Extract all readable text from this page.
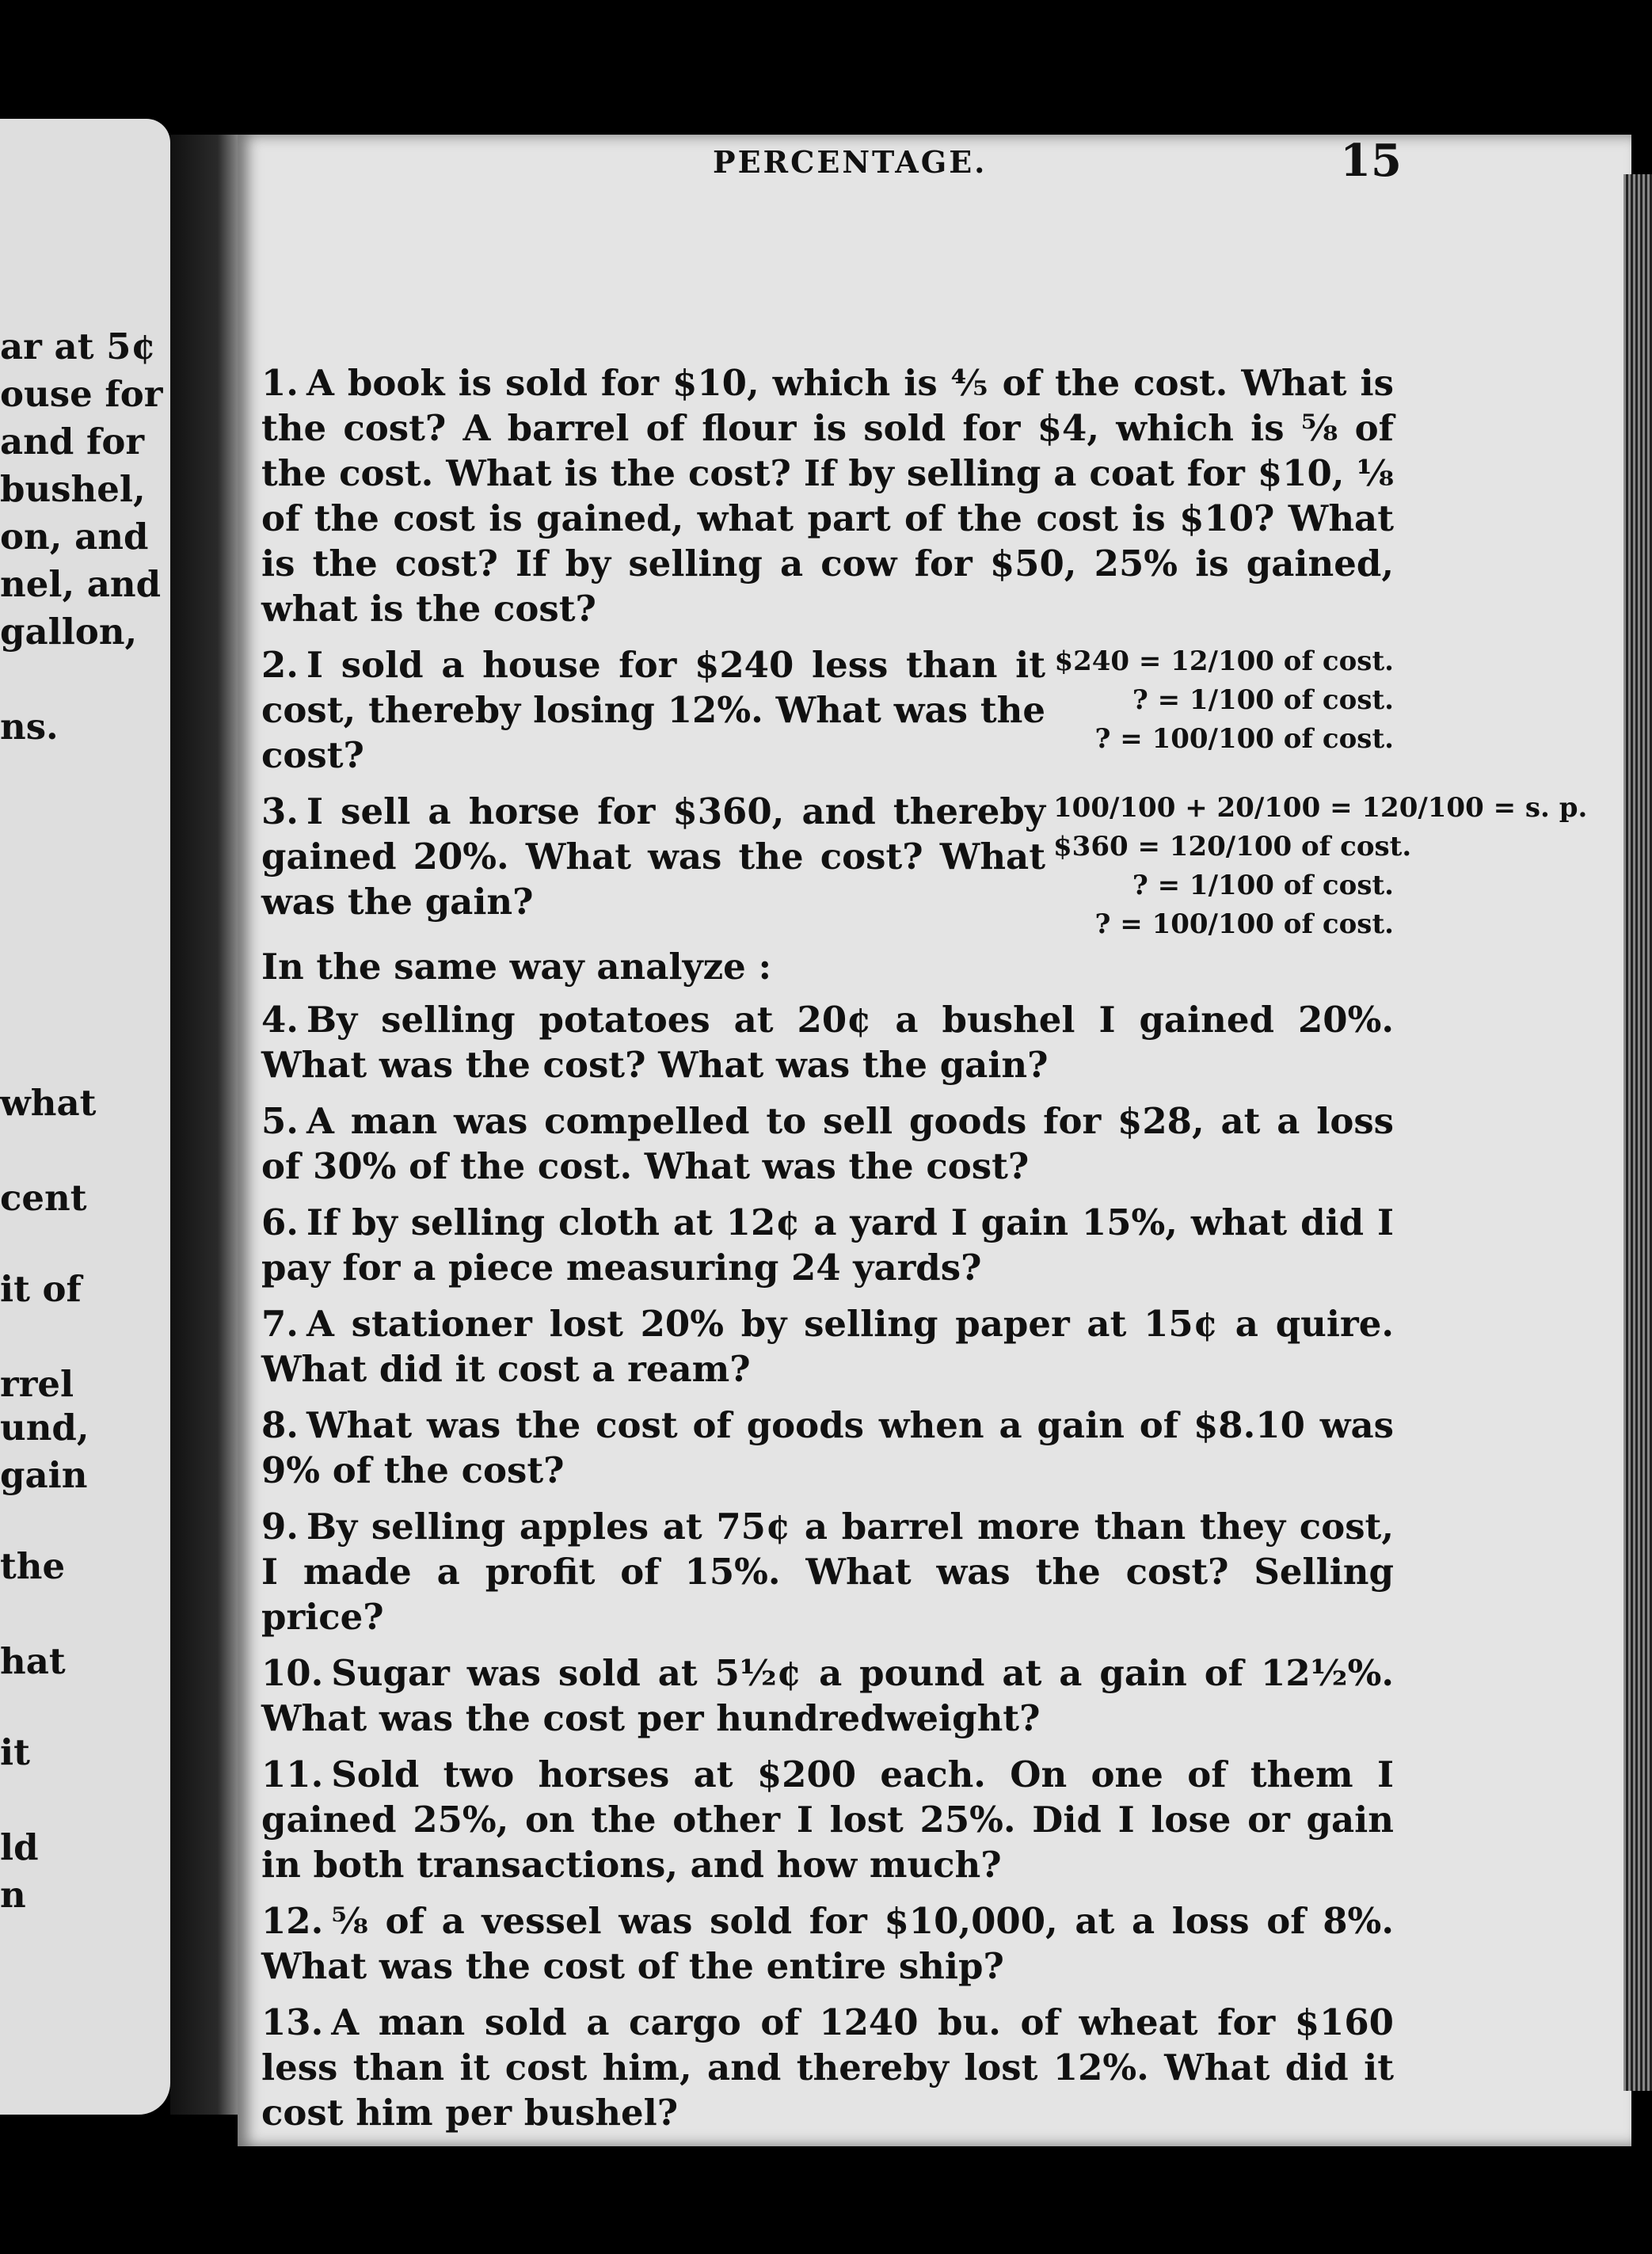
ar at 5¢
ouse for
and for
bushel,
on, and
nel, and
gallon,
ns.
what
cent
it of
rrel
und,
gain
the
hat
it
ld
n
PERCENTAGE.	15

1. A book is sold for $10, which is ⅘ of the cost. What is the cost? A barrel of flour is sold for $4, which is ⅝ of the cost. What is the cost? If by selling a coat for $10, ⅛ of the cost is gained, what part of the cost is $10? What is the cost? If by selling a cow for $50, 25% is gained, what is the cost?

2. I sold a house for $240 less than it cost, thereby losing 12%. What was the cost?

$240 = 12/100 of cost.
? = 1/100 of cost.
? = 100/100 of cost.

3. I sell a horse for $360, and thereby gained 20%. What was the cost? What was the gain?

100/100 + 20/100 = 120/100 = s. p.
$360 = 120/100 of cost.
? = 1/100 of cost.
? = 100/100 of cost.

In the same way analyze :

4. By selling potatoes at 20¢ a bushel I gained 20%. What was the cost? What was the gain?

5. A man was compelled to sell goods for $28, at a loss of 30% of the cost. What was the cost?

6. If by selling cloth at 12¢ a yard I gain 15%, what did I pay for a piece measuring 24 yards?

7. A stationer lost 20% by selling paper at 15¢ a quire. What did it cost a ream?

8. What was the cost of goods when a gain of $8.10 was 9% of the cost?

9. By selling apples at 75¢ a barrel more than they cost, I made a profit of 15%. What was the cost? Selling price?

10. Sugar was sold at 5½¢ a pound at a gain of 12½%. What was the cost per hundredweight?

11. Sold two horses at $200 each. On one of them I gained 25%, on the other I lost 25%. Did I lose or gain in both transactions, and how much?

12. ⅝ of a vessel was sold for $10,000, at a loss of 8%. What was the cost of the entire ship?

13. A man sold a cargo of 1240 bu. of wheat for $160 less than it cost him, and thereby lost 12%. What did it cost him per bushel?
